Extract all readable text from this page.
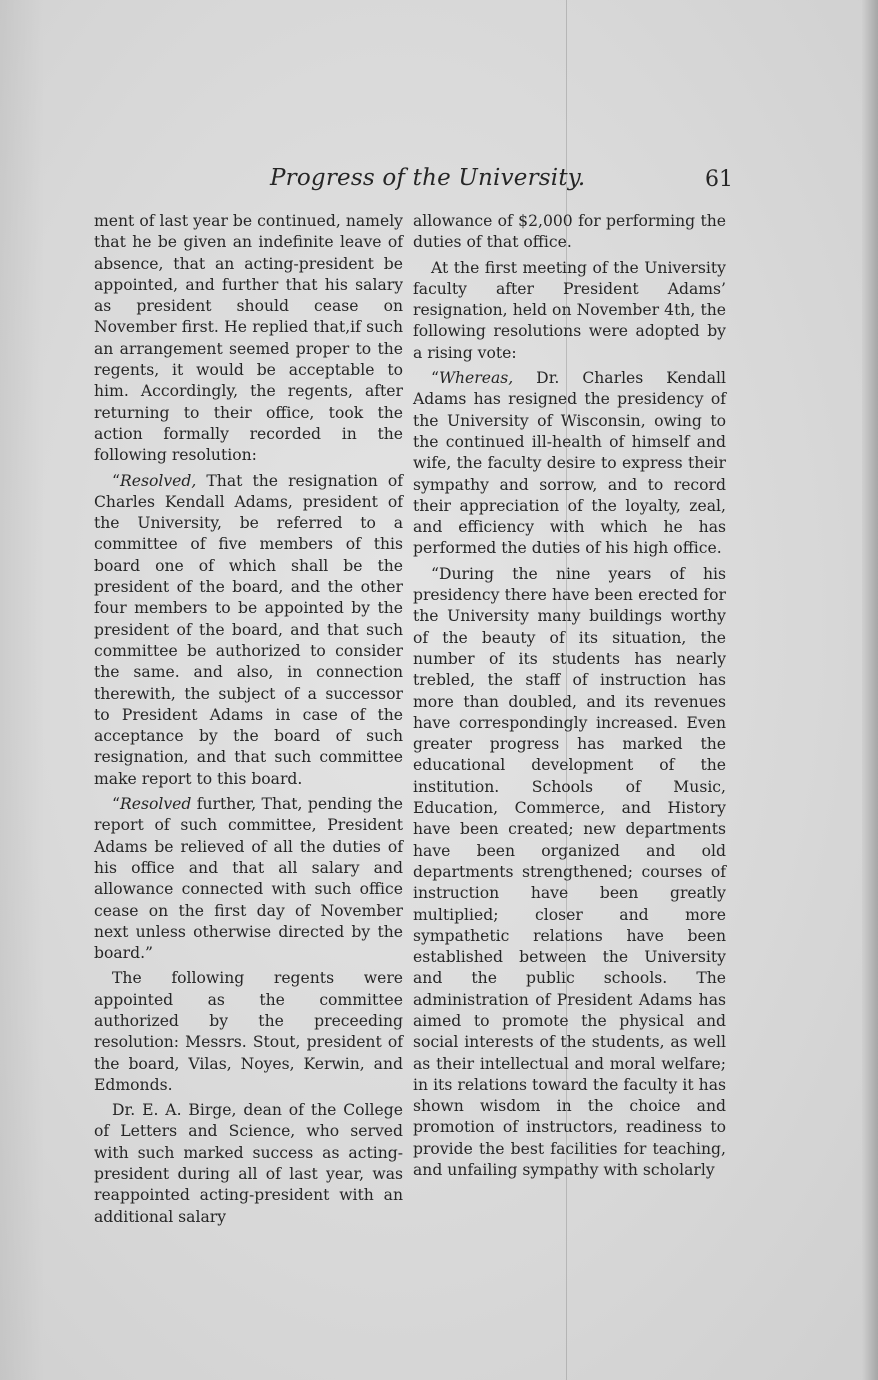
Progress of the University.	61

ment of last year be continued, namely that he be given an indefinite leave of absence, that an acting-president be appointed, and further that his salary as president should cease on November first. He replied that,if such an arrangement seemed proper to the regents, it would be acceptable to him. Accordingly, the regents, after returning to their office, took the action formally recorded in the following resolution:

“Resolved, That the resignation of Charles Kendall Adams, president of the University, be referred to a committee of five members of this board one of which shall be the president of the board, and the other four members to be appointed by the president of the board, and that such committee be authorized to consider the same. and also, in connection therewith, the subject of a successor to President Adams in case of the acceptance by the board of such resignation, and that such committee make report to this board.

“Resolved further, That, pending the report of such committee, President Adams be relieved of all the duties of his office and that all salary and allowance connected with such office cease on the first day of November next unless otherwise directed by the board.”

The following regents were appointed as the committee authorized by the preceeding resolution: Messrs. Stout, president of the board, Vilas, Noyes, Kerwin, and Edmonds.

Dr. E. A. Birge, dean of the College of Letters and Science, who served with such marked success as acting-president during all of last year, was reappointed acting-president with an additional salary

allowance of $2,000 for performing the duties of that office.

At the first meeting of the University faculty after President Adams’ resignation, held on November 4th, the following resolutions were adopted by a rising vote:

“Whereas, Dr. Charles Kendall Adams has resigned the presidency of the University of Wisconsin, owing to the continued ill-health of himself and wife, the faculty desire to express their sympathy and sorrow, and to record their appreciation of the loyalty, zeal, and efficiency with which he has performed the duties of his high office.

“During the nine years of his presidency there have been erected for the University many buildings worthy of the beauty of its situation, the number of its students has nearly trebled, the staff of instruction has more than doubled, and its revenues have correspondingly increased. Even greater progress has marked the educational development of the institution. Schools of Music, Education, Commerce, and History have been created; new departments have been organized and old departments strengthened; courses of instruction have been greatly multiplied; closer and more sympathetic relations have been established between the University and the public schools. The administration of President Adams has aimed to promote the physical and social interests of the students, as well as their intellectual and moral welfare; in its relations toward the faculty it has shown wisdom in the choice and promotion of instructors, readiness to provide the best facilities for teaching, and unfailing sympathy with scholarly
